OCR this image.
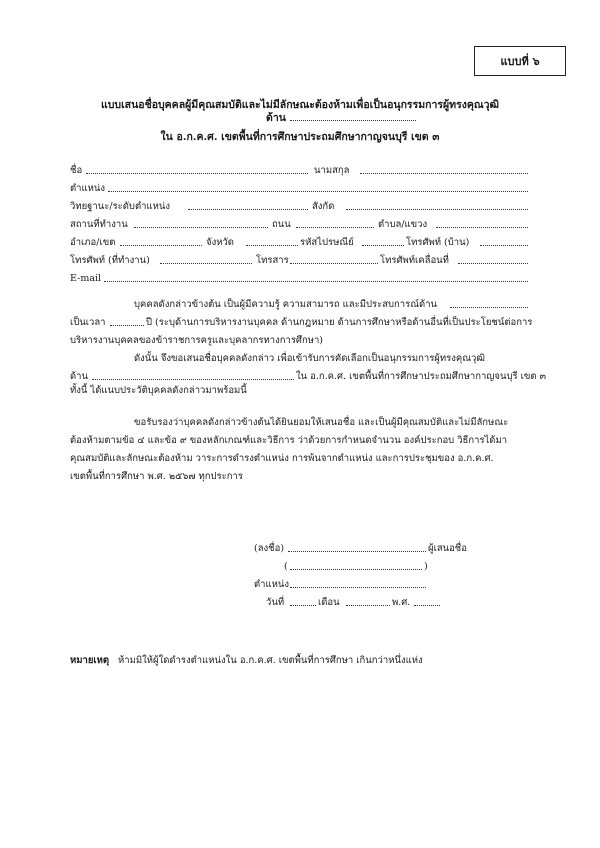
แบบที่ ๖
แบบเสนอชื่อบุคคลผู้มีคุณสมบัติและไม่มีลักษณะต้องห้ามเพื่อเป็นอนุกรรมการผู้ทรงคุณวุฒิ
ด้าน
ใน อ.ก.ค.ศ. เขตพื้นที่การศึกษาประถมศึกษากาญจนบุรี เขต ๓
ชื่อ	นามสกุล
ตำแหน่ง
วิทยฐานะ/ระดับตำแหน่ง	สังกัด
สถานที่ทำงาน	ถนน	ตำบล/แขวง
อำเภอ/เขต	จังหวัด	รหัสไปรษณีย์	โทรศัพท์ (บ้าน)
โทรศัพท์ (ที่ทำงาน)	โทรสาร	โทรศัพท์เคลื่อนที่
E-mail
บุคคลดังกล่าวข้างต้น เป็นผู้มีความรู้ ความสามารถ และมีประสบการณ์ด้าน
เป็นเวลา	ปี (ระบุด้านการบริหารงานบุคคล ด้านกฎหมาย ด้านการศึกษาหรือด้านอื่นที่เป็นประโยชน์ต่อการ
บริหารงานบุคคลของข้าราชการครูและบุคลากรทางการศึกษา)
ดังนั้น จึงขอเสนอชื่อบุคคลดังกล่าว เพื่อเข้ารับการคัดเลือกเป็นอนุกรรมการผู้ทรงคุณวุฒิ
ด้าน	ใน อ.ก.ค.ศ. เขตพื้นที่การศึกษาประถมศึกษากาญจนบุรี เขต ๓
ทั้งนี้ ได้แนบประวัติบุคคลดังกล่าวมาพร้อมนี้
ขอรับรองว่าบุคคลดังกล่าวข้างต้นได้ยินยอมให้เสนอชื่อ และเป็นผู้มีคุณสมบัติและไม่มีลักษณะ
ต้องห้ามตามข้อ ๔ และข้อ ๙ ของหลักเกณฑ์และวิธีการ ว่าด้วยการกำหนดจำนวน องค์ประกอบ วิธีการได้มา
คุณสมบัติและลักษณะต้องห้าม วาระการดำรงตำแหน่ง การพ้นจากตำแหน่ง และการประชุมของ อ.ก.ค.ศ.
เขตพื้นที่การศึกษา พ.ศ. ๒๕๖๗ ทุกประการ
(ลงชื่อ)	ผู้เสนอชื่อ
(	)
ตำแหน่ง
วันที่	เดือน	พ.ศ.
หมายเหตุ ห้ามมิให้ผู้ใดดำรงตำแหน่งใน อ.ก.ค.ศ. เขตพื้นที่การศึกษา เกินกว่าหนึ่งแห่ง
